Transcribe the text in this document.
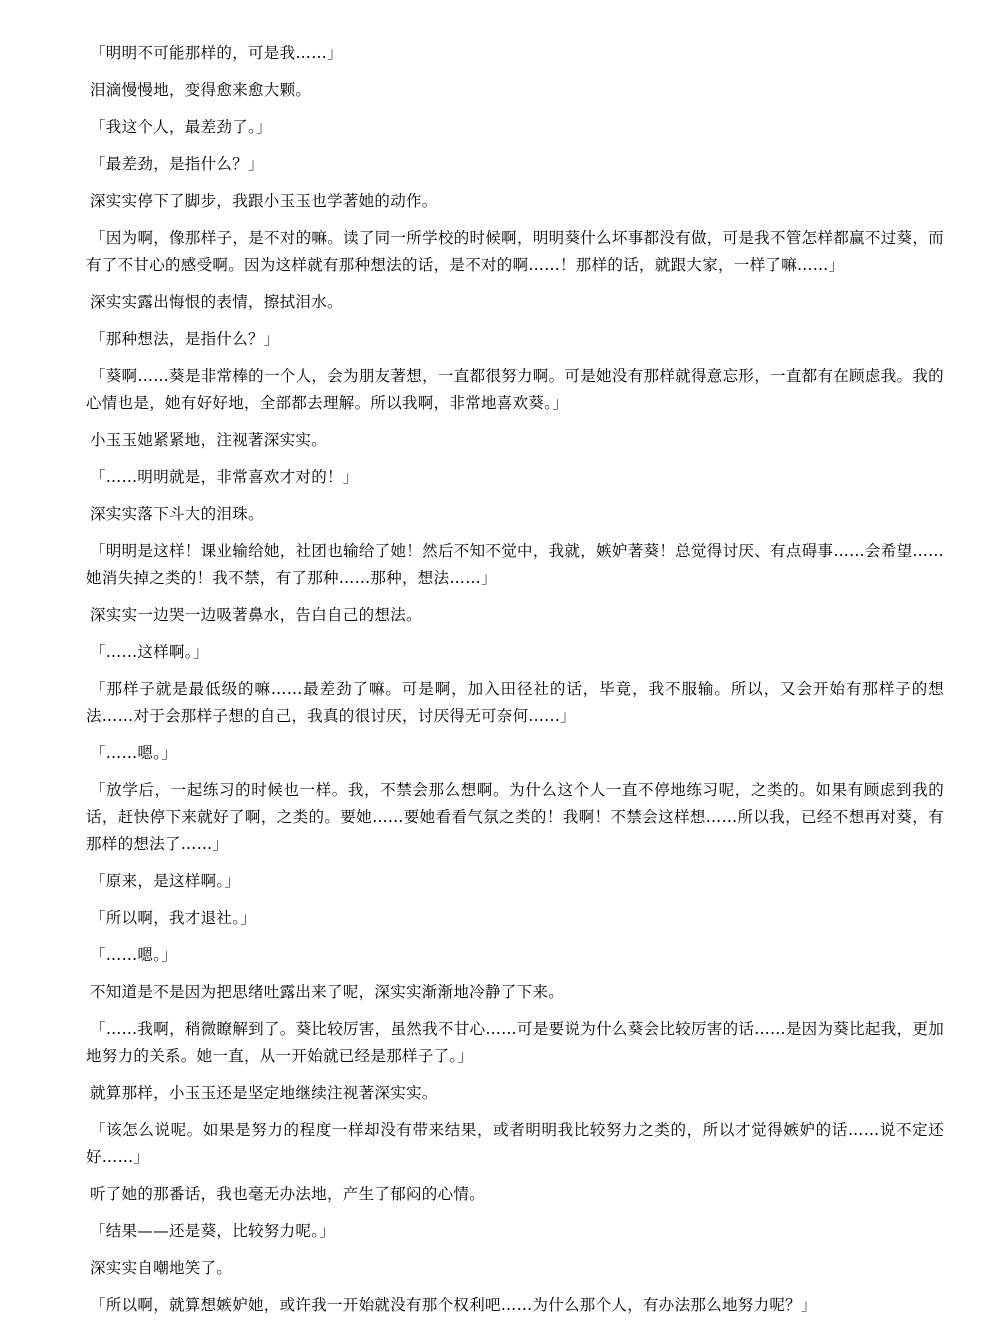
「明明不可能那样的，可是我……」

泪滴慢慢地，变得愈来愈大颗。

「我这个人，最差劲了。」

「最差劲，是指什么？」

深实实停下了脚步，我跟小玉玉也学著她的动作。

「因为啊，像那样子，是不对的嘛。读了同一所学校的时候啊，明明葵什么坏事都没有做，可是我不管怎样都赢不过葵，而有了不甘心的感受啊。因为这样就有那种想法的话，是不对的啊……！那样的话，就跟大家，一样了嘛……」

深实实露出悔恨的表情，擦拭泪水。

「那种想法，是指什么？」

「葵啊……葵是非常棒的一个人，会为朋友著想，一直都很努力啊。可是她没有那样就得意忘形，一直都有在顾虑我。我的心情也是，她有好好地，全部都去理解。所以我啊，非常地喜欢葵。」

小玉玉她紧紧地，注视著深实实。

「……明明就是，非常喜欢才对的！」

深实实落下斗大的泪珠。

「明明是这样！课业输给她，社团也输给了她！然后不知不觉中，我就，嫉妒著葵！总觉得讨厌、有点碍事……会希望……她消失掉之类的！我不禁，有了那种……那种，想法……」

深实实一边哭一边吸著鼻水，告白自己的想法。

「……这样啊。」

「那样子就是最低级的嘛……最差劲了嘛。可是啊，加入田径社的话，毕竟，我不服输。所以，又会开始有那样子的想法……对于会那样子想的自己，我真的很讨厌，讨厌得无可奈何……」

「……嗯。」

「放学后，一起练习的时候也一样。我，不禁会那么想啊。为什么这个人一直不停地练习呢，之类的。如果有顾虑到我的话，赶快停下来就好了啊，之类的。要她……要她看看气氛之类的！我啊！不禁会这样想……所以我，已经不想再对葵，有那样的想法了……」

「原来，是这样啊。」

「所以啊，我才退社。」

「……嗯。」

不知道是不是因为把思绪吐露出来了呢，深实实渐渐地冷静了下来。

「……我啊，稍微瞭解到了。葵比较厉害，虽然我不甘心……可是要说为什么葵会比较厉害的话……是因为葵比起我，更加地努力的关系。她一直，从一开始就已经是那样子了。」

就算那样，小玉玉还是坚定地继续注视著深实实。

「该怎么说呢。如果是努力的程度一样却没有带来结果，或者明明我比较努力之类的，所以才觉得嫉妒的话……说不定还好……」

听了她的那番话，我也毫无办法地，产生了郁闷的心情。

「结果——还是葵，比较努力呢。」

深实实自嘲地笑了。

「所以啊，就算想嫉妒她，或许我一开始就没有那个权利吧……为什么那个人，有办法那么地努力呢？」
